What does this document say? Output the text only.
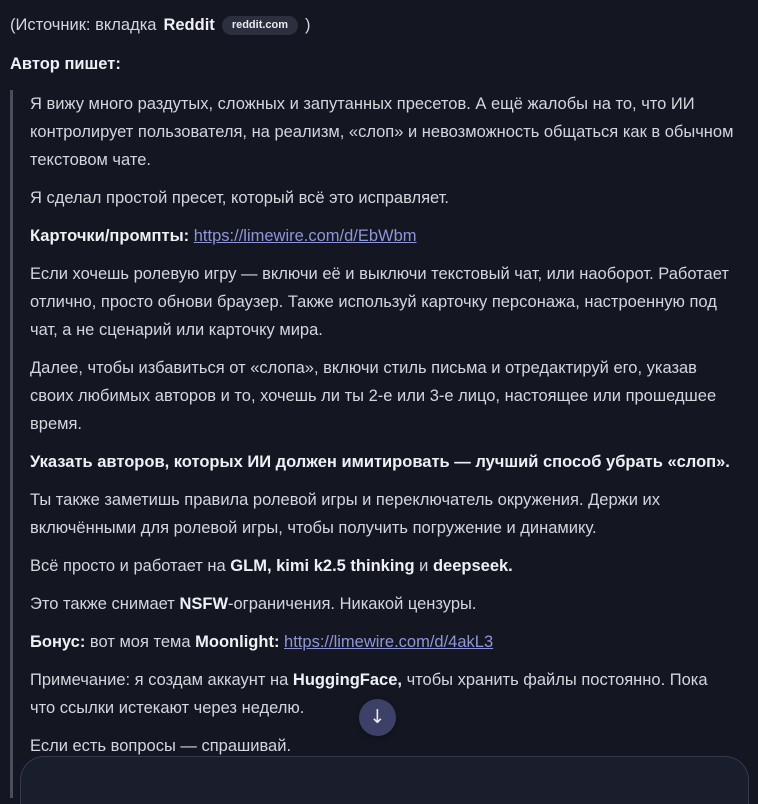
(Источник: вкладка Reddit	reddit.com	)
Автор пишет:

Я вижу много раздутых, сложных и запутанных пресетов. А ещё жалобы на то, что ИИ контролирует пользователя, на реализм, «слоп» и невозможность общаться как в обычном текстовом чате.

Я сделал простой пресет, который всё это исправляет.

Карточки/промпты: https://limewire.com/d/EbWbm

Если хочешь ролевую игру — включи её и выключи текстовый чат, или наоборот. Работает отлично, просто обнови браузер. Также используй карточку персонажа, настроенную под чат, а не сценарий или карточку мира.

Далее, чтобы избавиться от «слопа», включи стиль письма и отредактируй его, указав своих любимых авторов и то, хочешь ли ты 2-е или 3-е лицо, настоящее или прошедшее время.

Указать авторов, которых ИИ должен имитировать — лучший способ убрать «слоп».

Ты также заметишь правила ролевой игры и переключатель окружения. Держи их включёнными для ролевой игры, чтобы получить погружение и динамику.

Всё просто и работает на GLM, kimi k2.5 thinking и deepseek.

Это также снимает NSFW-ограничения. Никакой цензуры.

Бонус: вот моя тема Moonlight: https://limewire.com/d/4akL3

Примечание: я создам аккаунт на HuggingFace, чтобы хранить файлы постоянно. Пока что ссылки истекают через неделю.

Если есть вопросы — спрашивай.

↓
